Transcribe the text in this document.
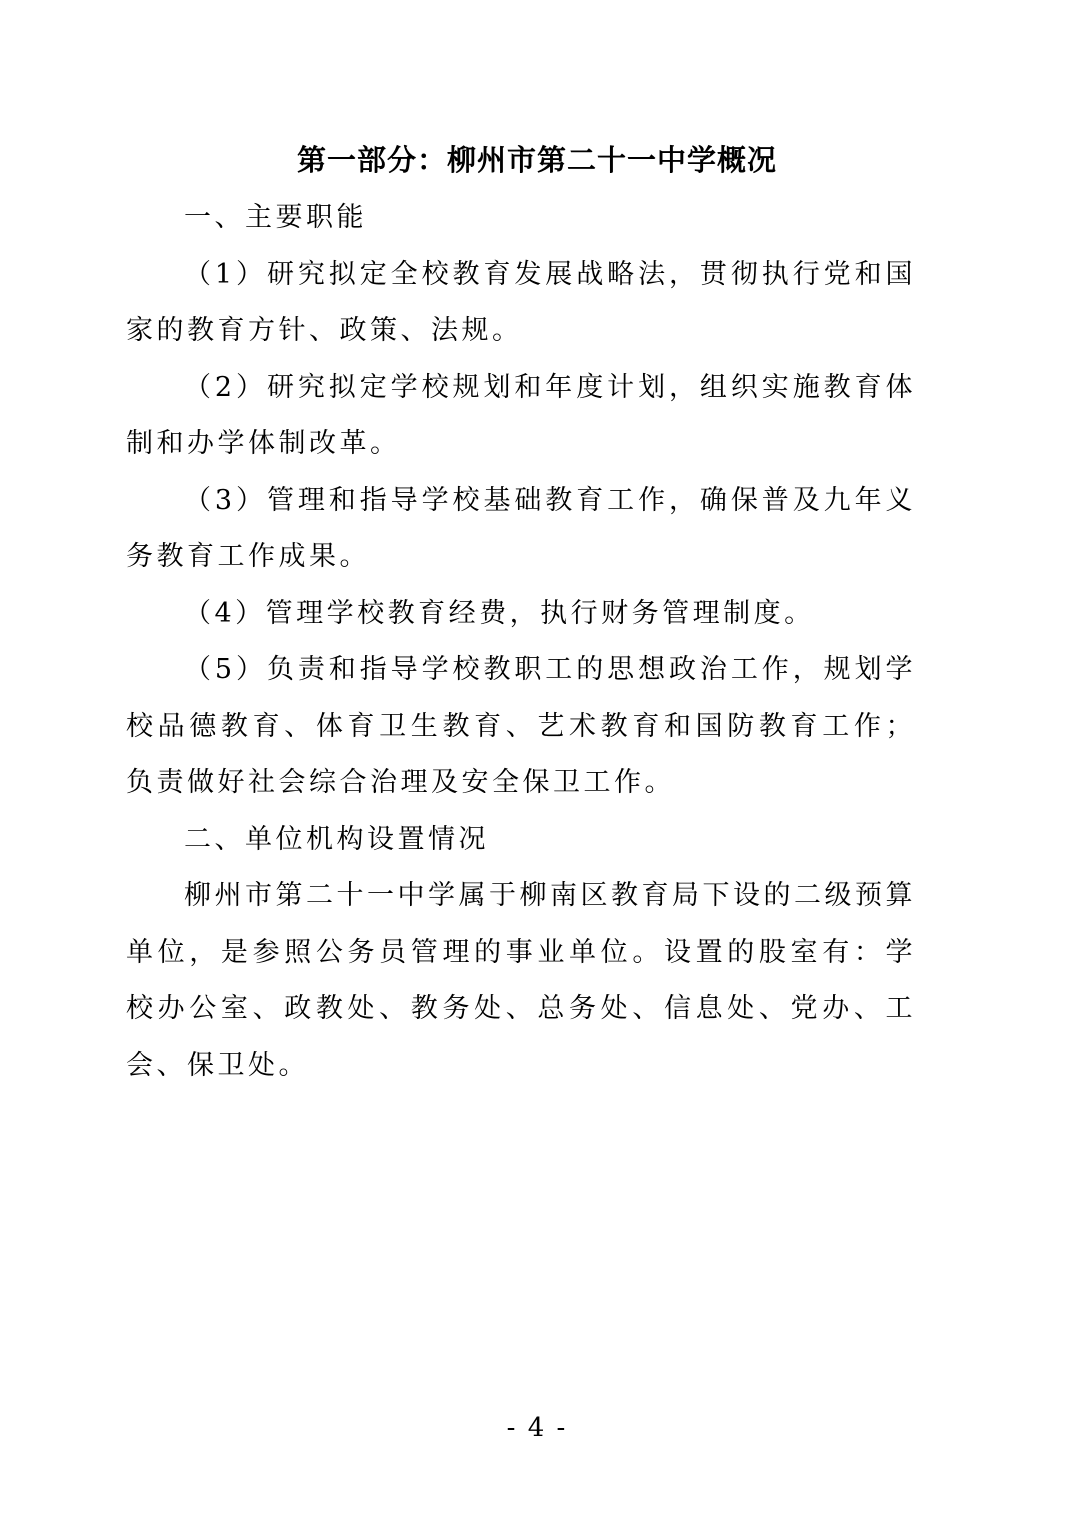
第一部分：柳州市第二十一中学概况

一、主要职能

（1）研究拟定全校教育发展战略法，贯彻执行党和国家的教育方针、政策、法规。

（2）研究拟定学校规划和年度计划，组织实施教育体制和办学体制改革。

（3）管理和指导学校基础教育工作，确保普及九年义务教育工作成果。

（4）管理学校教育经费，执行财务管理制度。

（5）负责和指导学校教职工的思想政治工作，规划学校品德教育、体育卫生教育、艺术教育和国防教育工作；负责做好社会综合治理及安全保卫工作。

二、单位机构设置情况

柳州市第二十一中学属于柳南区教育局下设的二级预算单位，是参照公务员管理的事业单位。设置的股室有：学校办公室、政教处、教务处、总务处、信息处、党办、工会、保卫处。

- 4 -
